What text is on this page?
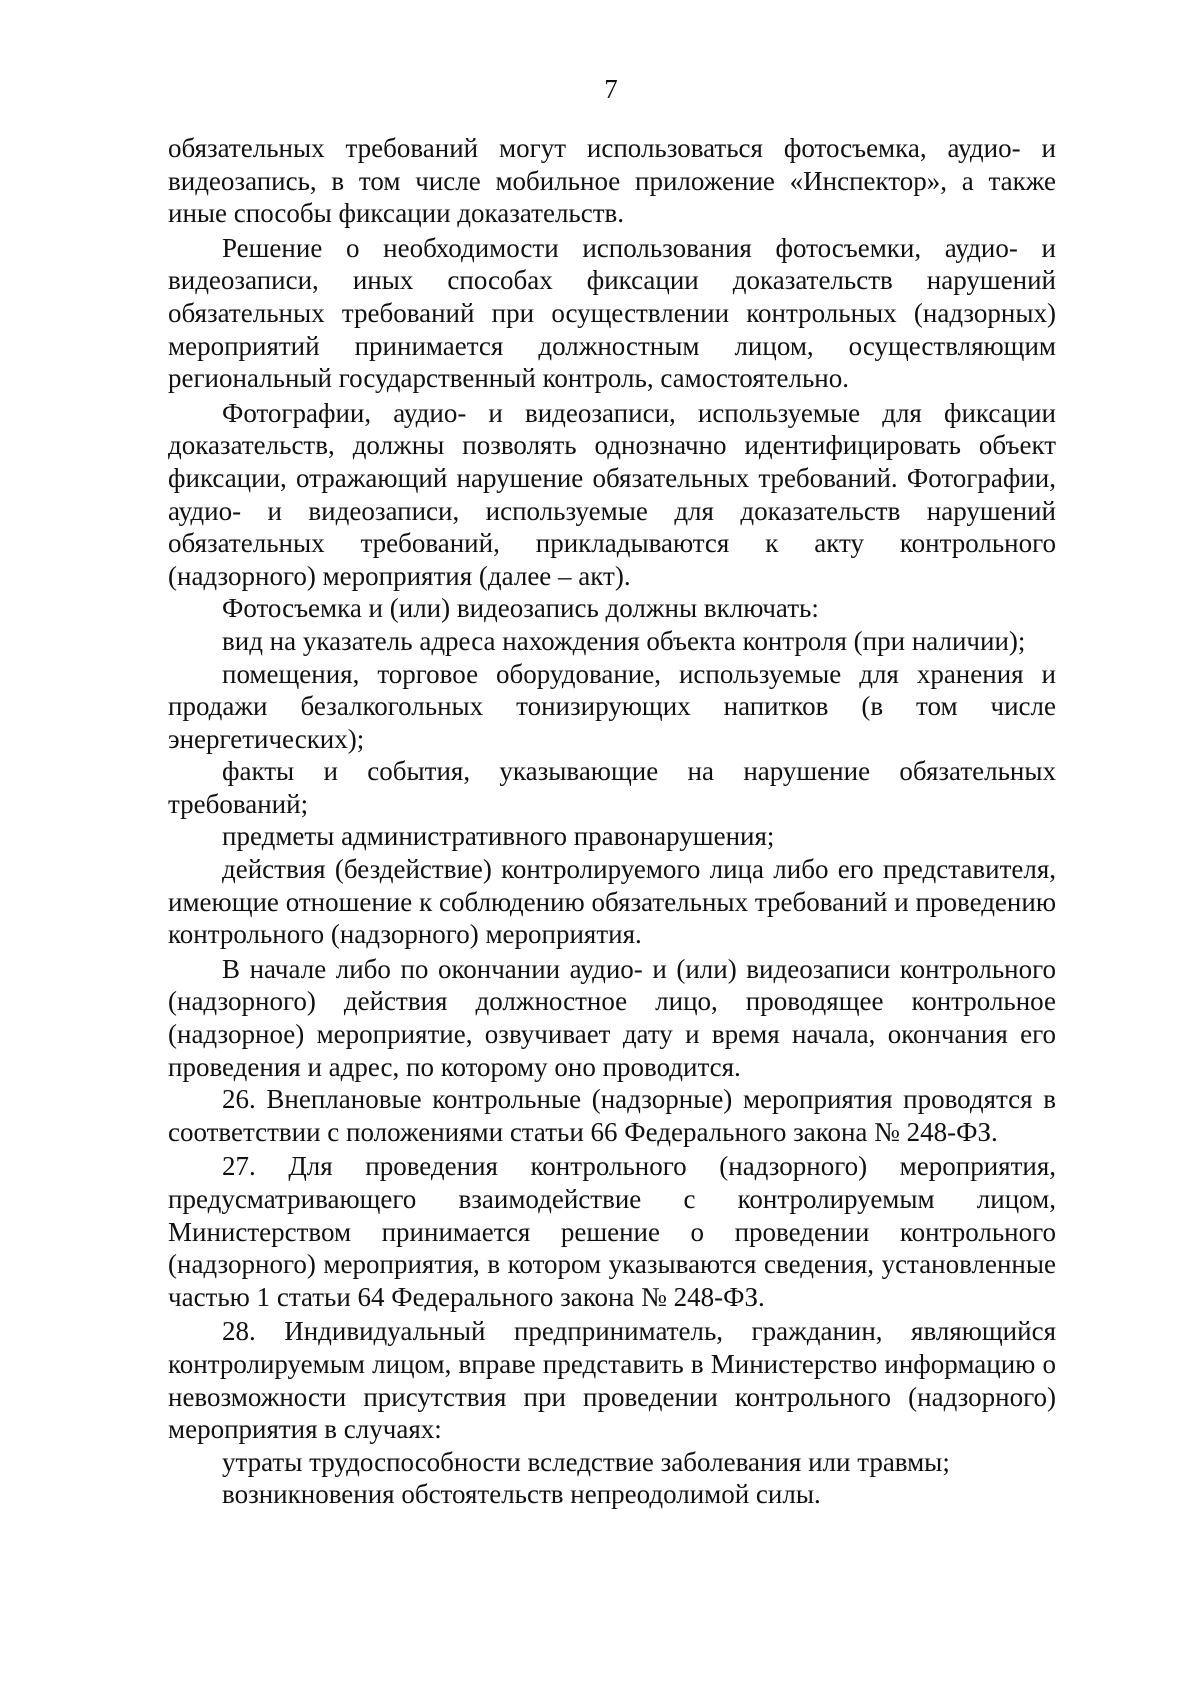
7

обязательных требований могут использоваться фотосъемка, аудио- и видеозапись, в том числе мобильное приложение «Инспектор», а также иные способы фиксации доказательств.

Решение о необходимости использования фотосъемки, аудио- и видеозаписи, иных способах фиксации доказательств нарушений обязательных требований при осуществлении контрольных (надзорных) мероприятий принимается должностным лицом, осуществляющим региональный государственный контроль, самостоятельно.

Фотографии, аудио- и видеозаписи, используемые для фиксации доказательств, должны позволять однозначно идентифицировать объект фиксации, отражающий нарушение обязательных требований. Фотографии, аудио- и видеозаписи, используемые для доказательств нарушений обязательных требований, прикладываются к акту контрольного (надзорного) мероприятия (далее – акт).

Фотосъемка и (или) видеозапись должны включать:

вид на указатель адреса нахождения объекта контроля (при наличии);

помещения, торговое оборудование, используемые для хранения и продажи безалкогольных тонизирующих напитков (в том числе энергетических);

факты и события, указывающие на нарушение обязательных требований;

предметы административного правонарушения;

действия (бездействие) контролируемого лица либо его представителя, имеющие отношение к соблюдению обязательных требований и проведению контрольного (надзорного) мероприятия.

В начале либо по окончании аудио- и (или) видеозаписи контрольного (надзорного) действия должностное лицо, проводящее контрольное (надзорное) мероприятие, озвучивает дату и время начала, окончания его проведения и адрес, по которому оно проводится.

26. Внеплановые контрольные (надзорные) мероприятия проводятся в соответствии с положениями статьи 66 Федерального закона № 248-ФЗ.

27. Для проведения контрольного (надзорного) мероприятия, предусматривающего взаимодействие с контролируемым лицом, Министерством принимается решение о проведении контрольного (надзорного) мероприятия, в котором указываются сведения, установленные частью 1 статьи 64 Федерального закона № 248-ФЗ.

28. Индивидуальный предприниматель, гражданин, являющийся контролируемым лицом, вправе представить в Министерство информацию о невозможности присутствия при проведении контрольного (надзорного) мероприятия в случаях:

утраты трудоспособности вследствие заболевания или травмы;

возникновения обстоятельств непреодолимой силы.
